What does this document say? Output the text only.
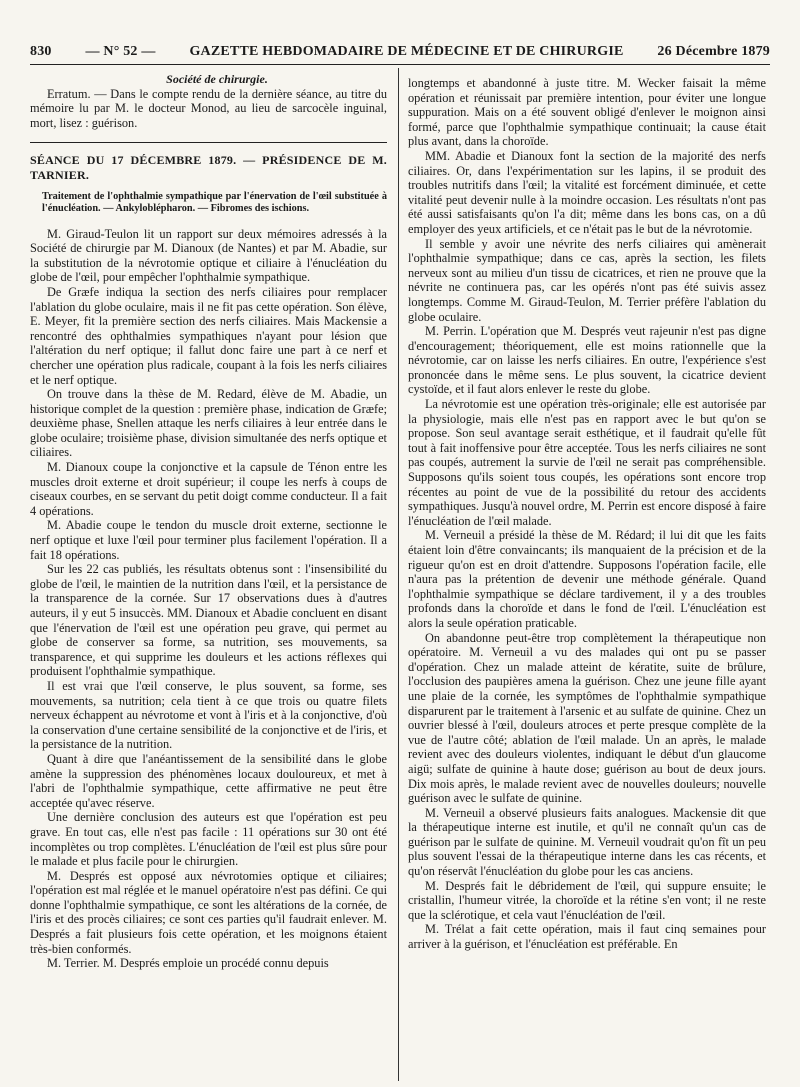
830 — N° 52 — GAZETTE HEBDOMADAIRE DE MÉDECINE ET DE CHIRURGIE 26 Décembre 1879

Société de chirurgie.

Erratum. — Dans le compte rendu de la dernière séance, au titre du mémoire lu par M. le docteur Monod, au lieu de sarcocèle inguinal, mort, lisez : guérison.

SÉANCE DU 17 DÉCEMBRE 1879. — PRÉSIDENCE DE M. TARNIER.

Traitement de l'ophthalmie sympathique par l'énervation de l'œil substituée à l'énucléation. — Ankyloblépharon. — Fibromes des ischions.

M. Giraud-Teulon lit un rapport sur deux mémoires adressés à la Société de chirurgie par M. Dianoux (de Nantes) et par M. Abadie, sur la substitution de la névrotomie optique et ciliaire à l'énucléation du globe de l'œil, pour empêcher l'ophthalmie sympathique.

De Græfe indiqua la section des nerfs ciliaires pour remplacer l'ablation du globe oculaire, mais il ne fit pas cette opération. Son élève, E. Meyer, fit la première section des nerfs ciliaires. Mais Mackensie a rencontré des ophthalmies sympathiques n'ayant pour lésion que l'altération du nerf optique; il fallut donc faire une part à ce nerf et chercher une opération plus radicale, coupant à la fois les nerfs ciliaires et le nerf optique.

On trouve dans la thèse de M. Redard, élève de M. Abadie, un historique complet de la question : première phase, indication de Græfe; deuxième phase, Snellen attaque les nerfs ciliaires à leur entrée dans le globe oculaire; troisième phase, division simultanée des nerfs optique et ciliaires.

M. Dianoux coupe la conjonctive et la capsule de Ténon entre les muscles droit externe et droit supérieur; il coupe les nerfs à coups de ciseaux courbes, en se servant du petit doigt comme conducteur. Il a fait 4 opérations.

M. Abadie coupe le tendon du muscle droit externe, sectionne le nerf optique et luxe l'œil pour terminer plus facilement l'opération. Il a fait 18 opérations.

Sur les 22 cas publiés, les résultats obtenus sont : l'insensibilité du globe de l'œil, le maintien de la nutrition dans l'œil, et la persistance de la transparence de la cornée. Sur 17 observations dues à d'autres auteurs, il y eut 5 insuccès. MM. Dianoux et Abadie concluent en disant que l'énervation de l'œil est une opération peu grave, qui permet au globe de conserver sa forme, sa nutrition, ses mouvements, sa transparence, et qui supprime les douleurs et les actions réflexes qui produisent l'ophthalmie sympathique.

Il est vrai que l'œil conserve, le plus souvent, sa forme, ses mouvements, sa nutrition; cela tient à ce que trois ou quatre filets nerveux échappent au névrotome et vont à l'iris et à la conjonctive, d'où la conservation d'une certaine sensibilité de la conjonctive et de l'iris, et la persistance de la nutrition.

Quant à dire que l'anéantissement de la sensibilité dans le globe amène la suppression des phénomènes locaux douloureux, et met à l'abri de l'ophthalmie sympathique, cette affirmative ne peut être acceptée qu'avec réserve.

Une dernière conclusion des auteurs est que l'opération est peu grave. En tout cas, elle n'est pas facile : 11 opérations sur 30 ont été incomplètes ou trop complètes. L'énucléation de l'œil est plus sûre pour le malade et plus facile pour le chirurgien.

M. Després est opposé aux névrotomies optique et ciliaires; l'opération est mal réglée et le manuel opératoire n'est pas défini. Ce qui donne l'ophthalmie sympathique, ce sont les altérations de la cornée, de l'iris et des procès ciliaires; ce sont ces parties qu'il faudrait enlever. M. Després a fait plusieurs fois cette opération, et les moignons étaient très-bien conformés.

M. Terrier. M. Després emploie un procédé connu depuis

longtemps et abandonné à juste titre. M. Wecker faisait la même opération et réunissait par première intention, pour éviter une longue suppuration. Mais on a été souvent obligé d'enlever le moignon ainsi formé, parce que l'ophthalmie sympathique continuait; la cause était plus avant, dans la choroïde.

MM. Abadie et Dianoux font la section de la majorité des nerfs ciliaires. Or, dans l'expérimentation sur les lapins, il se produit des troubles nutritifs dans l'œil; la vitalité est forcément diminuée, et cette vitalité peut devenir nulle à la moindre occasion. Les résultats n'ont pas été aussi satisfaisants qu'on l'a dit; même dans les bons cas, on a dû employer des yeux artificiels, et ce n'était pas le but de la névrotomie.

Il semble y avoir une névrite des nerfs ciliaires qui amènerait l'ophthalmie sympathique; dans ce cas, après la section, les filets nerveux sont au milieu d'un tissu de cicatrices, et rien ne prouve que la névrite ne continuera pas, car les opérés n'ont pas été suivis assez longtemps. Comme M. Giraud-Teulon, M. Terrier préfère l'ablation du globe oculaire.

M. Perrin. L'opération que M. Després veut rajeunir n'est pas digne d'encouragement; théoriquement, elle est moins rationnelle que la névrotomie, car on laisse les nerfs ciliaires. En outre, l'expérience s'est prononcée dans le même sens. Le plus souvent, la cicatrice devient cystoïde, et il faut alors enlever le reste du globe.

La névrotomie est une opération très-originale; elle est autorisée par la physiologie, mais elle n'est pas en rapport avec le but qu'on se propose. Son seul avantage serait esthétique, et il faudrait qu'elle fût tout à fait inoffensive pour être acceptée. Tous les nerfs ciliaires ne sont pas coupés, autrement la survie de l'œil ne serait pas compréhensible. Supposons qu'ils soient tous coupés, les opérations sont encore trop récentes au point de vue de la possibilité du retour des accidents sympathiques. Jusqu'à nouvel ordre, M. Perrin est encore disposé à faire l'énucléation de l'œil malade.

M. Verneuil a présidé la thèse de M. Rédard; il lui dit que les faits étaient loin d'être convaincants; ils manquaient de la précision et de la rigueur qu'on est en droit d'attendre. Supposons l'opération facile, elle n'aura pas la prétention de devenir une méthode générale. Quand l'ophthalmie sympathique se déclare tardivement, il y a des troubles profonds dans la choroïde et dans le fond de l'œil. L'énucléation est alors la seule opération praticable.

On abandonne peut-être trop complètement la thérapeutique non opératoire. M. Verneuil a vu des malades qui ont pu se passer d'opération. Chez un malade atteint de kératite, suite de brûlure, l'occlusion des paupières amena la guérison. Chez une jeune fille ayant une plaie de la cornée, les symptômes de l'ophthalmie sympathique disparurent par le traitement à l'arsenic et au sulfate de quinine. Chez un ouvrier blessé à l'œil, douleurs atroces et perte presque complète de la vue de l'autre côté; ablation de l'œil malade. Un an après, le malade revient avec des douleurs violentes, indiquant le début d'un glaucome aigü; sulfate de quinine à haute dose; guérison au bout de deux jours. Dix mois après, le malade revient avec de nouvelles douleurs; nouvelle guérison avec le sulfate de quinine.

M. Verneuil a observé plusieurs faits analogues. Mackensie dit que la thérapeutique interne est inutile, et qu'il ne connaît qu'un cas de guérison par le sulfate de quinine. M. Verneuil voudrait qu'on fît un peu plus souvent l'essai de la thérapeutique interne dans les cas récents, et qu'on réservât l'énucléation du globe pour les cas anciens.

M. Després fait le débridement de l'œil, qui suppure ensuite; le cristallin, l'humeur vitrée, la choroïde et la rétine s'en vont; il ne reste que la sclérotique, et cela vaut l'énucléation de l'œil.

M. Trélat a fait cette opération, mais il faut cinq semaines pour arriver à la guérison, et l'énucléation est préférable. En
